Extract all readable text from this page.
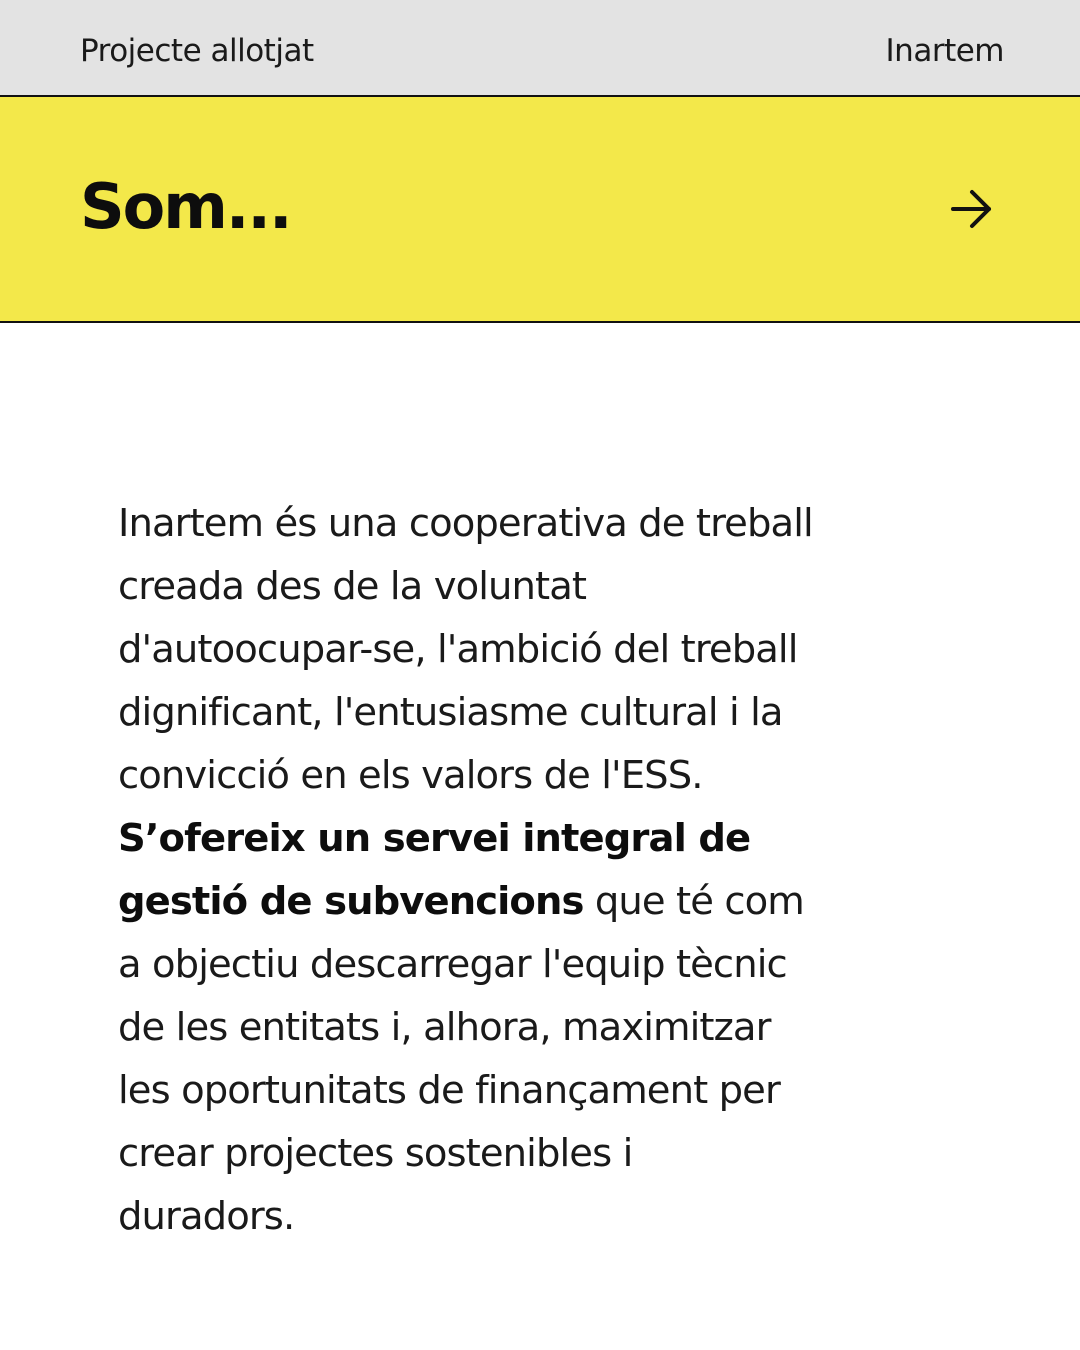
Projecte allotjat	Inartem
Som...
Inartem és una cooperativa de treball creada des de la voluntat d'autoocupar-se, l'ambició del treball dignificant, l'entusiasme cultural i la convicció en els valors de l'ESS. S’ofereix un servei integral de gestió de subvencions que té com a objectiu descarregar l'equip tècnic de les entitats i, alhora, maximitzar les oportunitats de finançament per crear projectes sostenibles i duradors.
